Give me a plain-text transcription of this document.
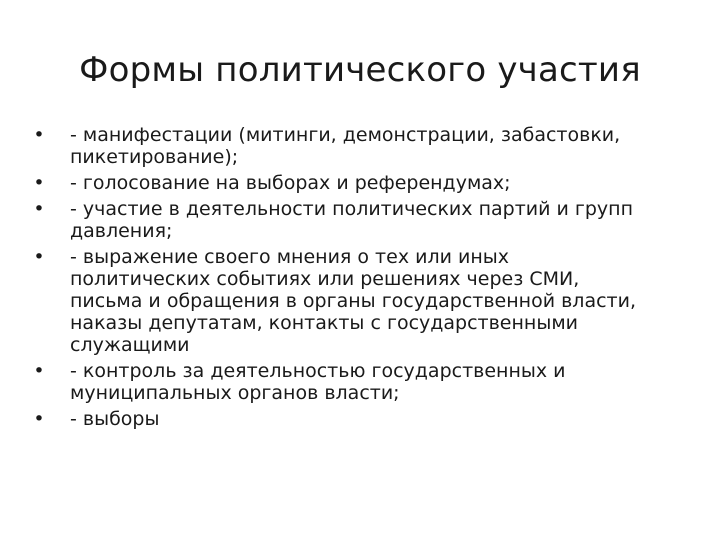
Формы политического участия
• - манифестации (митинги, демонстрации, забастовки,
пикетирование);
• - голосование на выборах и референдумах;
• - участие в деятельности политических партий и групп
давления;
• - выражение своего мнения о тех или иных
политических событиях или решениях через СМИ,
письма и обращения в органы государственной власти,
наказы депутатам, контакты с государственными
служащими
• - контроль за деятельностью государственных и
муниципальных органов власти;
• - выборы
